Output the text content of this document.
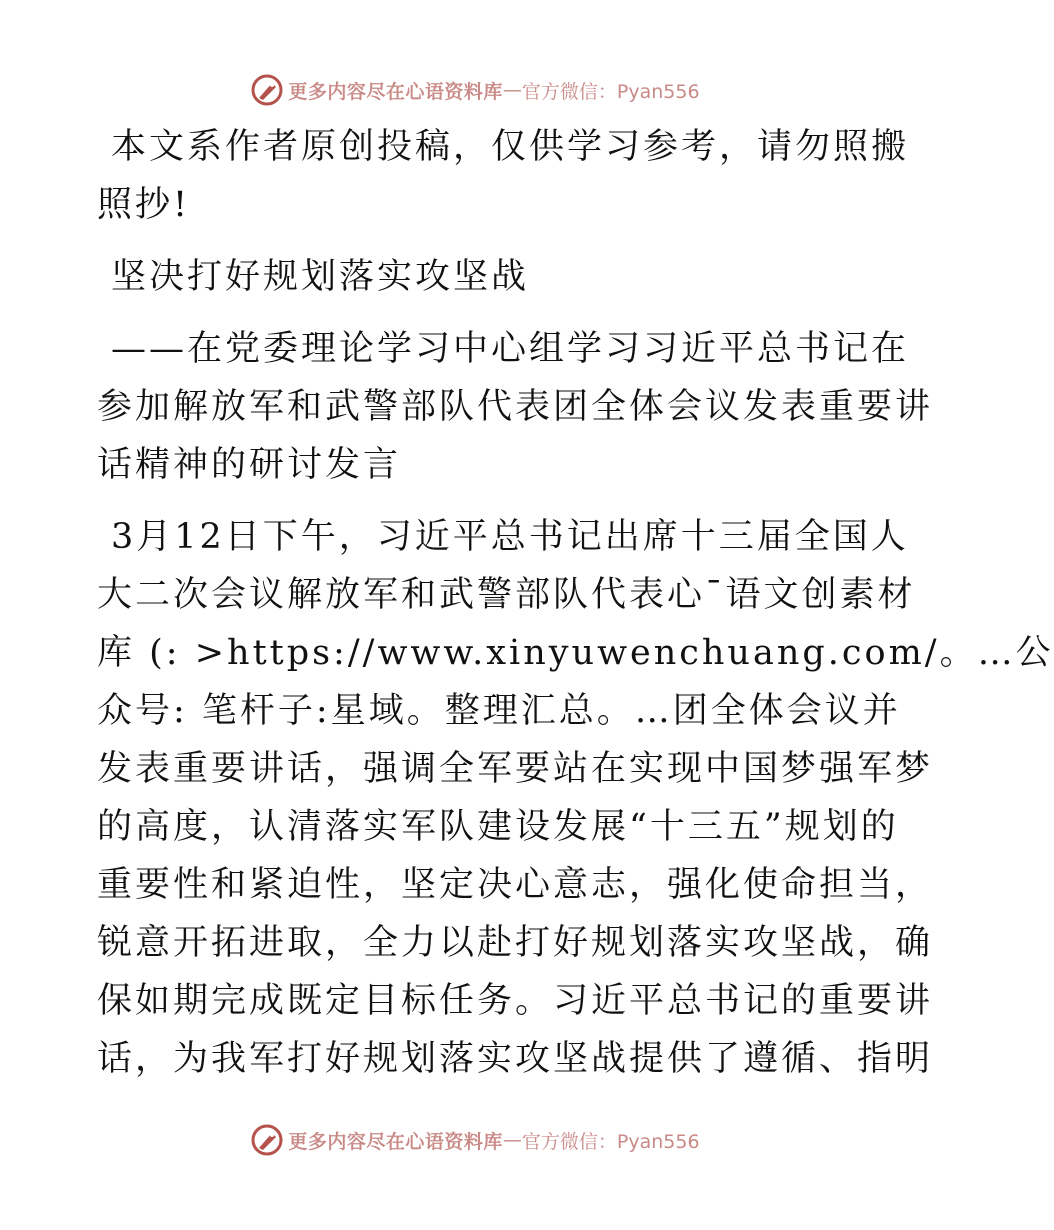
更多内容尽在心语资料库 — 官方微信：Pyan556
本文系作者原创投稿，仅供学习参考，请勿照搬
照抄!
坚决打好规划落实攻坚战
——在党委理论学习中心组学习习近平总书记在
参加解放军和武警部队代表团全体会议发表重要讲
话精神的研讨发言
3月12日下午，习近平总书记出席十三届全国人
大二次会议解放军和武警部队代表心¯语文创素材
库 (: >https://www.xinyuwenchuang.com/。…公
众号: 笔杆子:星域。整理汇总。…团全体会议并
发表重要讲话，强调全军要站在实现中国梦强军梦
的高度，认清落实军队建设发展“十三五”规划的
重要性和紧迫性，坚定决心意志，强化使命担当，
锐意开拓进取，全力以赴打好规划落实攻坚战，确
保如期完成既定目标任务。习近平总书记的重要讲
话，为我军打好规划落实攻坚战提供了遵循、指明
更多内容尽在心语资料库 — 官方微信：Pyan556
